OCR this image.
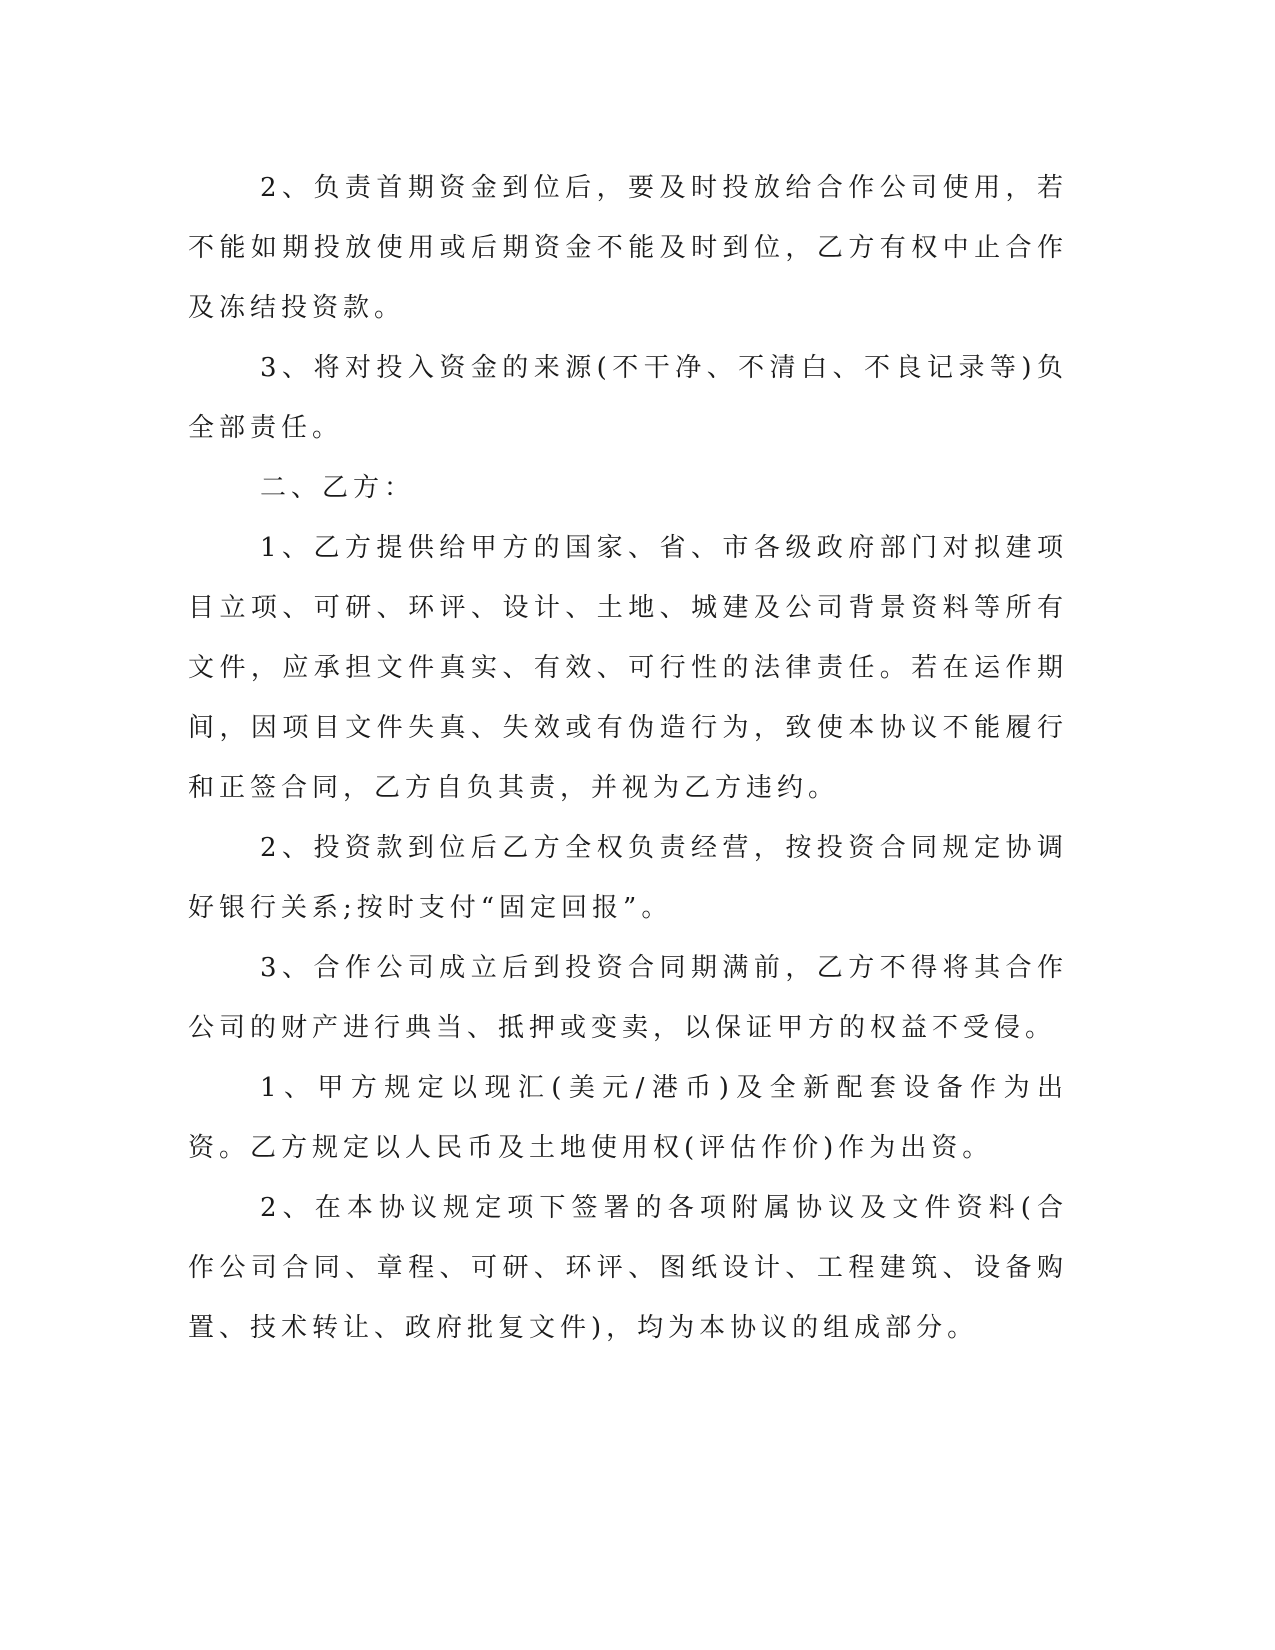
2、负责首期资金到位后，要及时投放给合作公司使用，若不能如期投放使用或后期资金不能及时到位，乙方有权中止合作及冻结投资款。

3、将对投入资金的来源(不干净、不清白、不良记录等)负全部责任。

二、乙方：

1、乙方提供给甲方的国家、省、市各级政府部门对拟建项目立项、可研、环评、设计、土地、城建及公司背景资料等所有文件，应承担文件真实、有效、可行性的法律责任。若在运作期间，因项目文件失真、失效或有伪造行为，致使本协议不能履行和正签合同，乙方自负其责，并视为乙方违约。

2、投资款到位后乙方全权负责经营，按投资合同规定协调好银行关系;按时支付“固定回报”。

3、合作公司成立后到投资合同期满前，乙方不得将其合作公司的财产进行典当、抵押或变卖，以保证甲方的权益不受侵。

1、甲方规定以现汇(美元/港币)及全新配套设备作为出资。乙方规定以人民币及土地使用权(评估作价)作为出资。

2、在本协议规定项下签署的各项附属协议及文件资料(合作公司合同、章程、可研、环评、图纸设计、工程建筑、设备购置、技术转让、政府批复文件)，均为本协议的组成部分。
